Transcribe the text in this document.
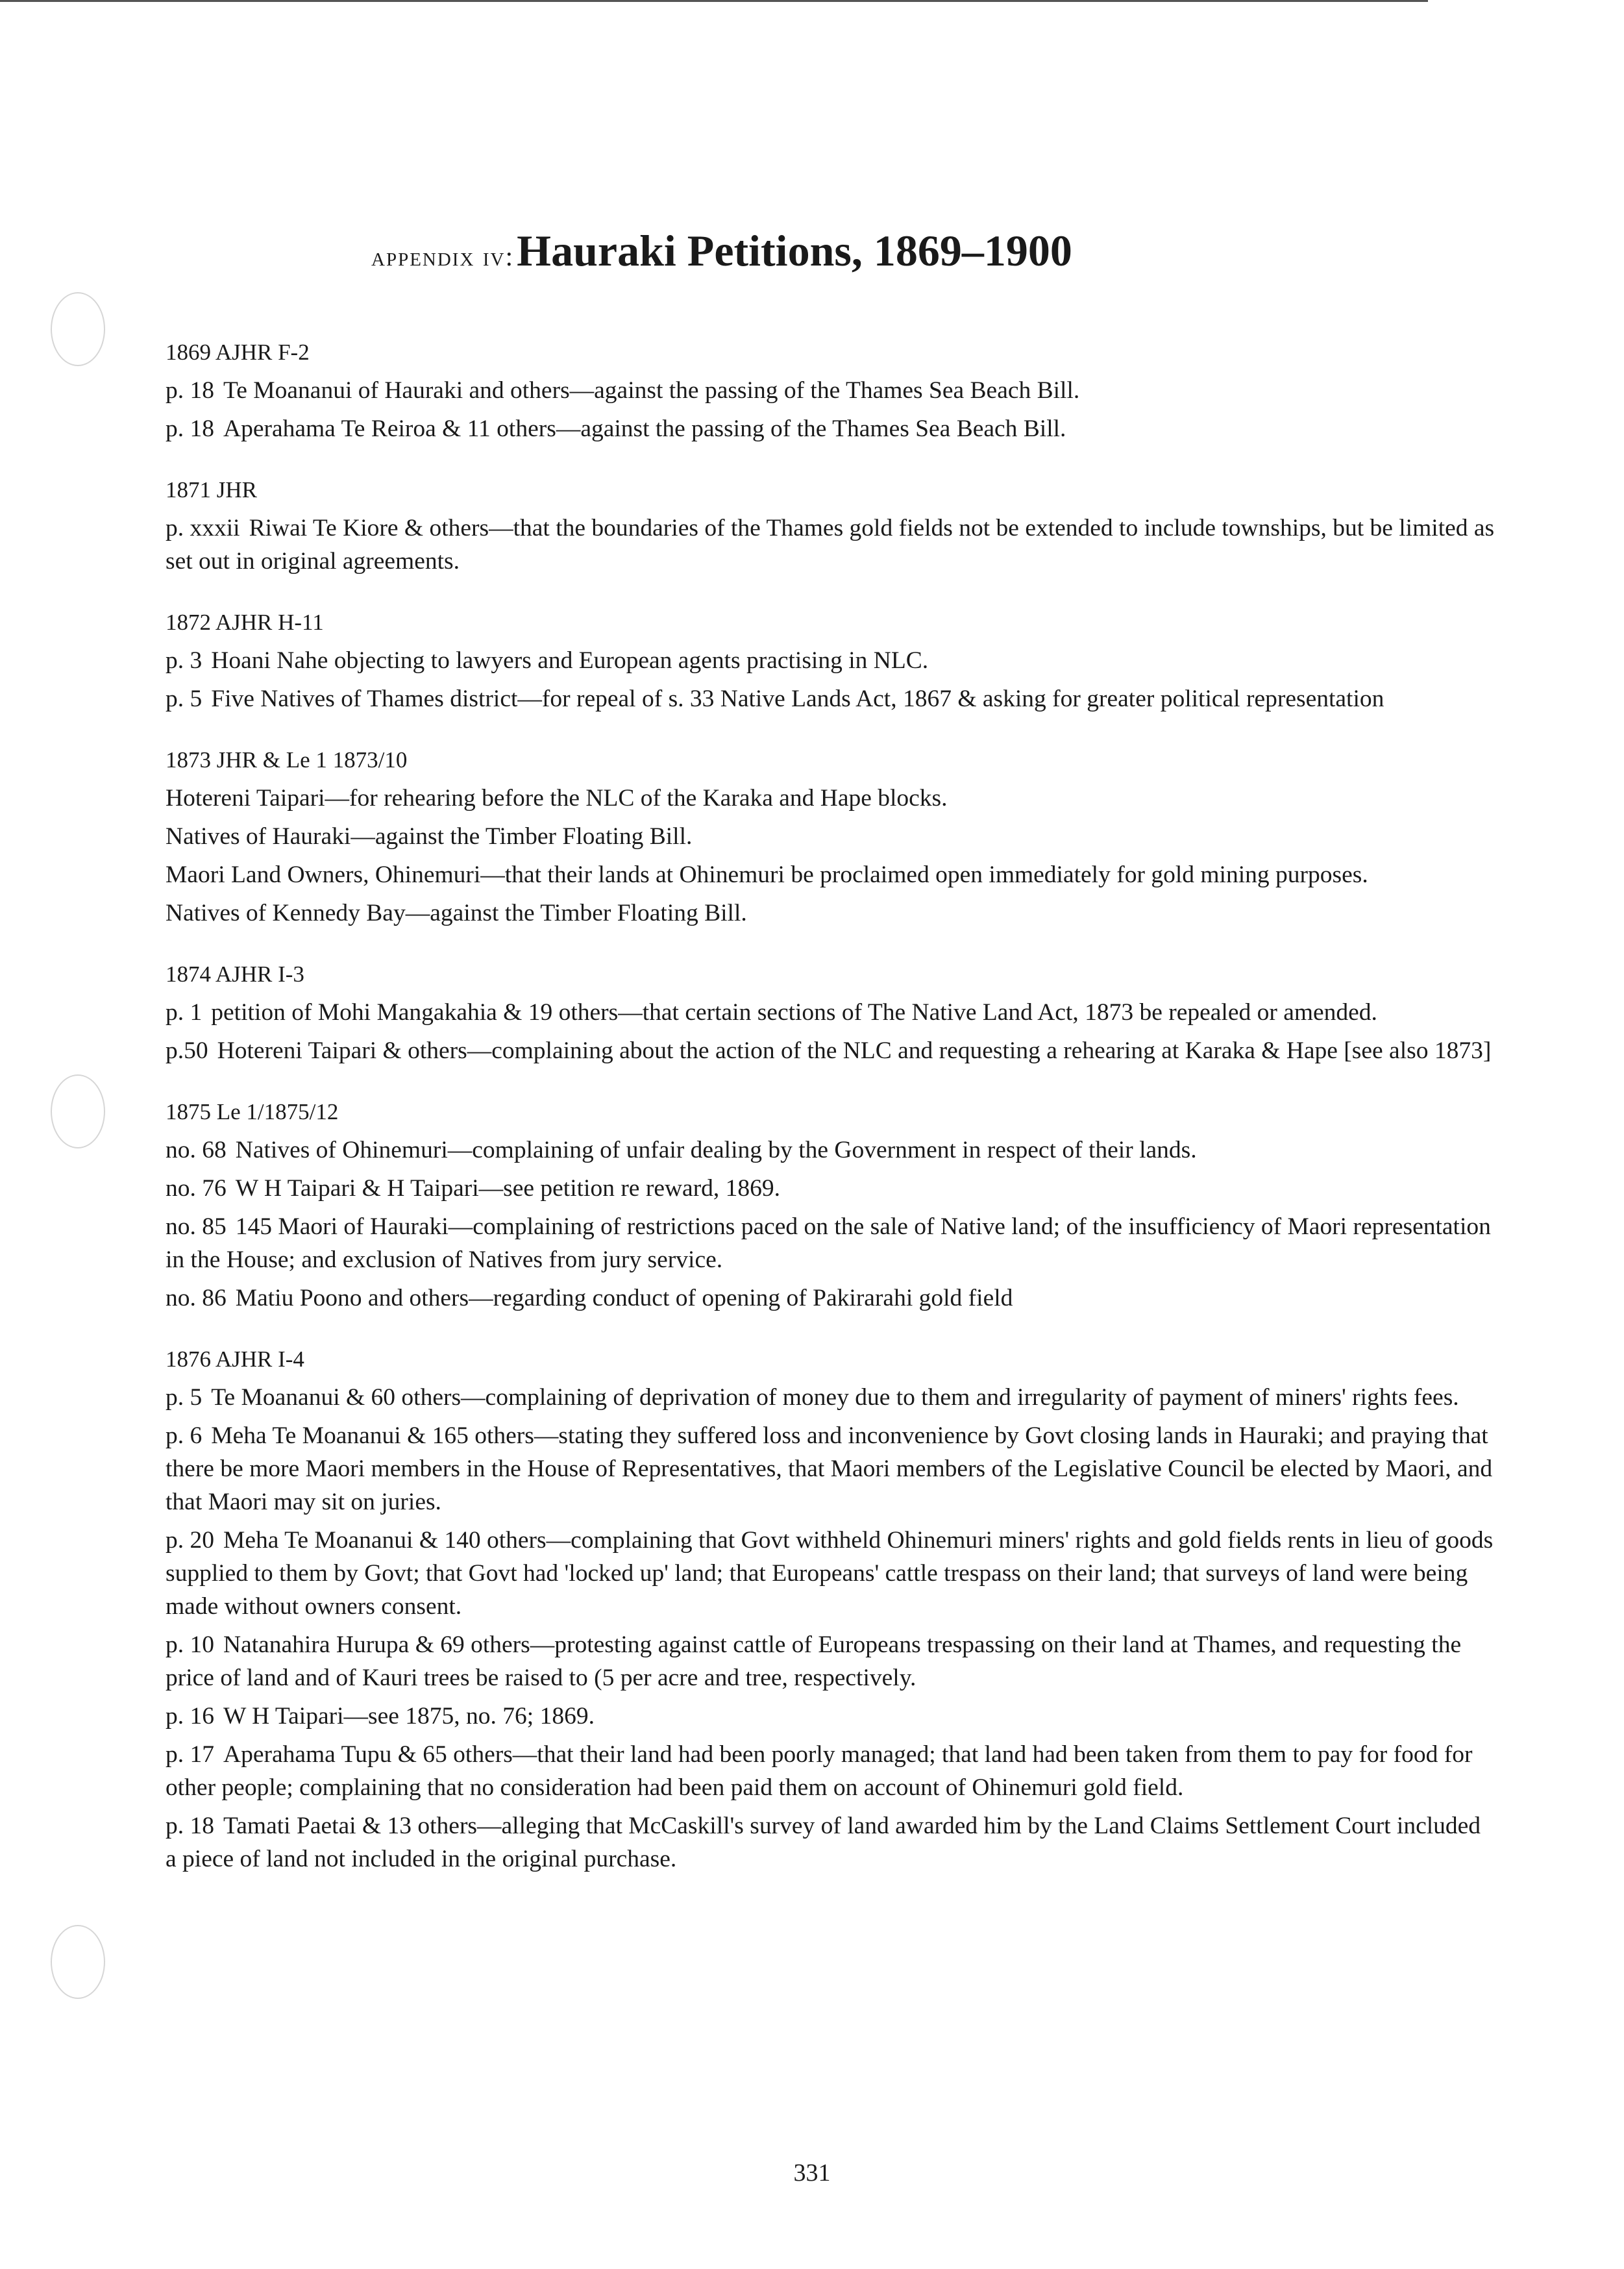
appendix iv: Hauraki Petitions, 1869–1900
1869 AJHR F-2
p. 18 Te Moananui of Hauraki and others—against the passing of the Thames Sea Beach Bill.
p. 18 Aperahama Te Reiroa & 11 others—against the passing of the Thames Sea Beach Bill.
1871 JHR
p. xxxii Riwai Te Kiore & others—that the boundaries of the Thames gold fields not be extended to include townships, but be limited as set out in original agreements.
1872 AJHR H-11
p. 3 Hoani Nahe objecting to lawyers and European agents practising in NLC.
p. 5 Five Natives of Thames district—for repeal of s. 33 Native Lands Act, 1867 & asking for greater political representation
1873 JHR & Le 1 1873/10
Hotereni Taipari—for rehearing before the NLC of the Karaka and Hape blocks.
Natives of Hauraki—against the Timber Floating Bill.
Maori Land Owners, Ohinemuri—that their lands at Ohinemuri be proclaimed open immediately for gold mining purposes.
Natives of Kennedy Bay—against the Timber Floating Bill.
1874 AJHR I-3
p. 1 petition of Mohi Mangakahia & 19 others—that certain sections of The Native Land Act, 1873 be repealed or amended.
p.50 Hotereni Taipari & others—complaining about the action of the NLC and requesting a rehearing at Karaka & Hape [see also 1873]
1875 Le 1/1875/12
no. 68 Natives of Ohinemuri—complaining of unfair dealing by the Government in respect of their lands.
no. 76 W H Taipari & H Taipari—see petition re reward, 1869.
no. 85 145 Maori of Hauraki—complaining of restrictions paced on the sale of Native land; of the insufficiency of Maori representation in the House; and exclusion of Natives from jury service.
no. 86 Matiu Poono and others—regarding conduct of opening of Pakirarahi gold field
1876 AJHR I-4
p. 5 Te Moananui & 60 others—complaining of deprivation of money due to them and irregularity of payment of miners' rights fees.
p. 6 Meha Te Moananui & 165 others—stating they suffered loss and inconvenience by Govt closing lands in Hauraki; and praying that there be more Maori members in the House of Representatives, that Maori members of the Legislative Council be elected by Maori, and that Maori may sit on juries.
p. 20 Meha Te Moananui & 140 others—complaining that Govt withheld Ohinemuri miners' rights and gold fields rents in lieu of goods supplied to them by Govt; that Govt had 'locked up' land; that Europeans' cattle trespass on their land; that surveys of land were being made without owners consent.
p. 10 Natanahira Hurupa & 69 others—protesting against cattle of Europeans trespassing on their land at Thames, and requesting the price of land and of Kauri trees be raised to (5 per acre and tree, respectively.
p. 16 W H Taipari—see 1875, no. 76; 1869.
p. 17 Aperahama Tupu & 65 others—that their land had been poorly managed; that land had been taken from them to pay for food for other people; complaining that no consideration had been paid them on account of Ohinemuri gold field.
p. 18 Tamati Paetai & 13 others—alleging that McCaskill's survey of land awarded him by the Land Claims Settlement Court included a piece of land not included in the original purchase.
331
